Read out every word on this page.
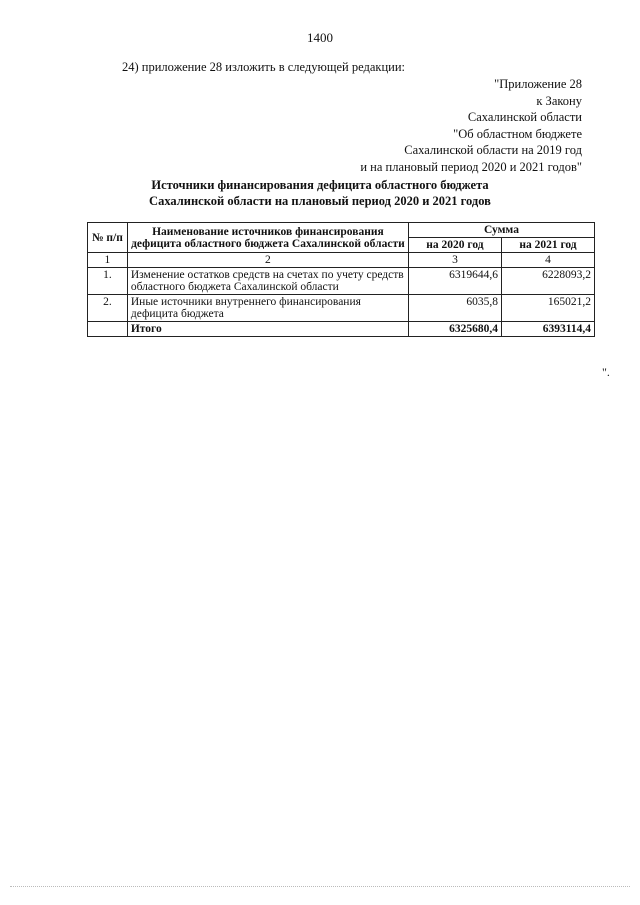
1400
24) приложение 28 изложить в следующей редакции:
"Приложение 28
к Закону
Сахалинской области
"Об областном бюджете
Сахалинской области на 2019 год
и на плановый период 2020 и 2021 годов"
Источники финансирования дефицита областного бюджета
Сахалинской области на плановый период 2020 и 2021 годов
№ п/п	Наименование источников финансирования дефицита областного бюджета Сахалинской области	Сумма	
		на 2020 год	на 2021 год
1	2	3	4
1.	Изменение остатков средств на счетах по учету средств областного бюджета Сахалинской области	6319644,6	6228093,2
2.	Иные источники внутреннего финансирования дефицита бюджета	6035,8	165021,2
	Итого	6325680,4	6393114,4
".
